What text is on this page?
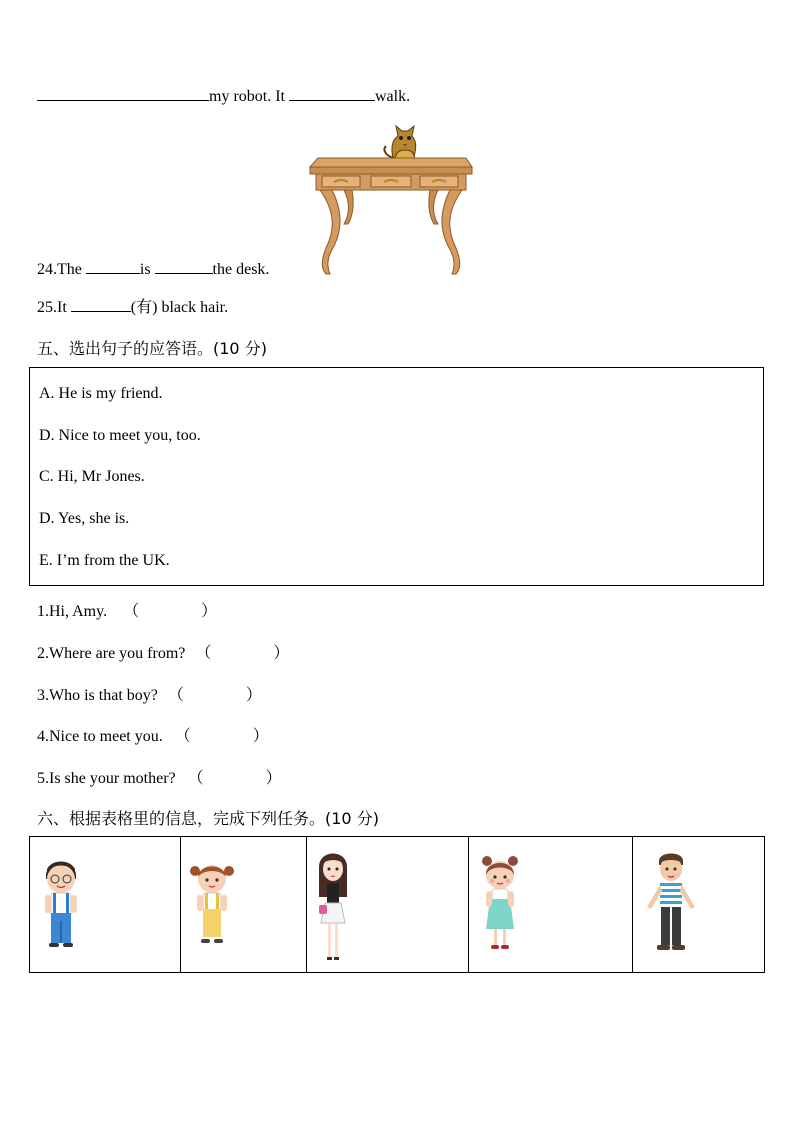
my robot. It	walk.
24.The	is	the desk.
25.It	(有) black hair.
五、选出句子的应答语。(10 分)
A. He is my friend.
D. Nice to meet you, too.
C. Hi, Mr Jones.
D. Yes, she is.
E. I’m from the UK.
1.Hi, Amy. （	）
2.Where are you from? （	）
3.Who is that boy? （	）
4.Nice to meet you. （	）
5.Is she your mother? （	）
六、根据表格里的信息，完成下列任务。(10 分)
